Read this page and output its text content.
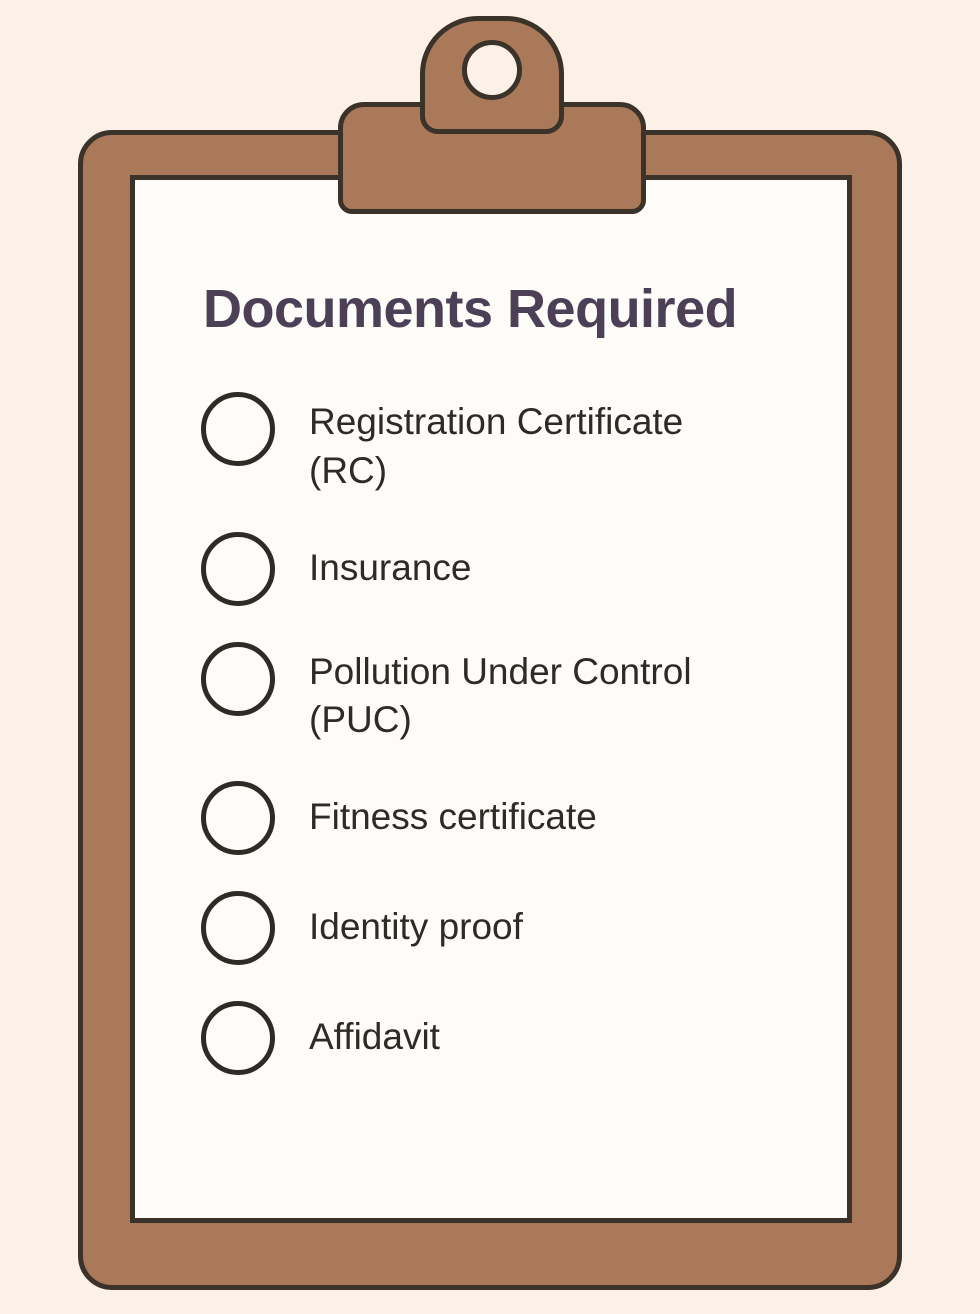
Documents Required
Registration Certificate (RC)
Insurance
Pollution Under Control (PUC)
Fitness certificate
Identity proof
Affidavit
